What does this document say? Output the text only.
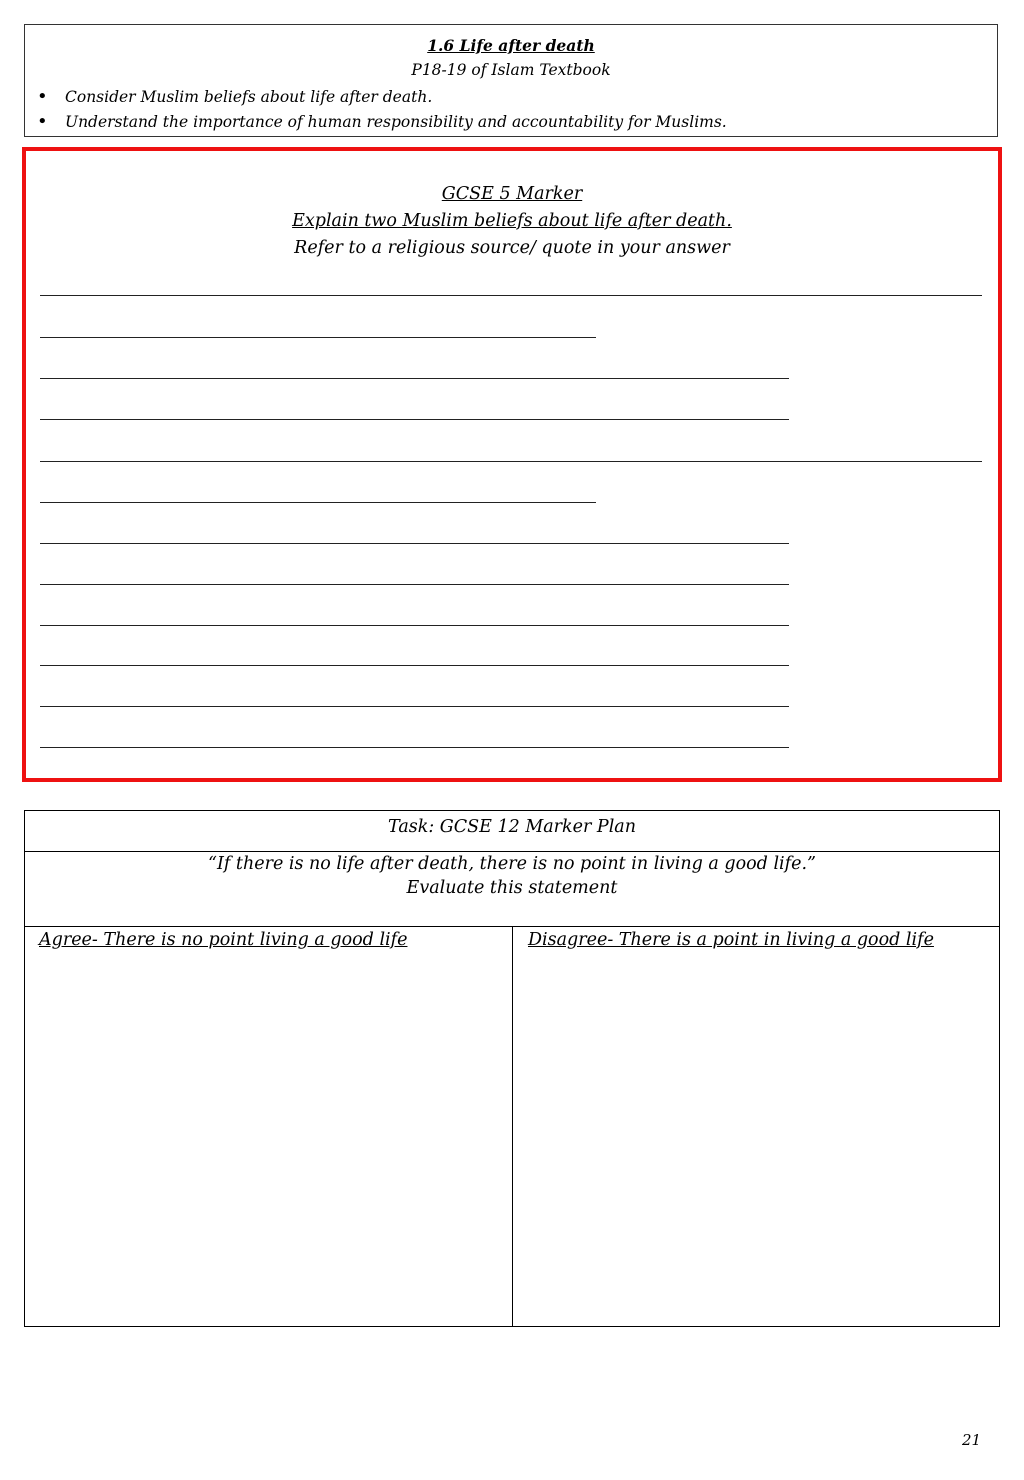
1.6 Life after death
P18-19 of Islam Textbook
• Consider Muslim beliefs about life after death.
• Understand the importance of human responsibility and accountability for Muslims.
GCSE 5 Marker
Explain two Muslim beliefs about life after death.
Refer to a religious source/ quote in your answer
Task: GCSE 12 Marker Plan
“If there is no life after death, there is no point in living a good life.”
Evaluate this statement
Agree- There is no point living a good life	Disagree- There is a point in living a good life
21
